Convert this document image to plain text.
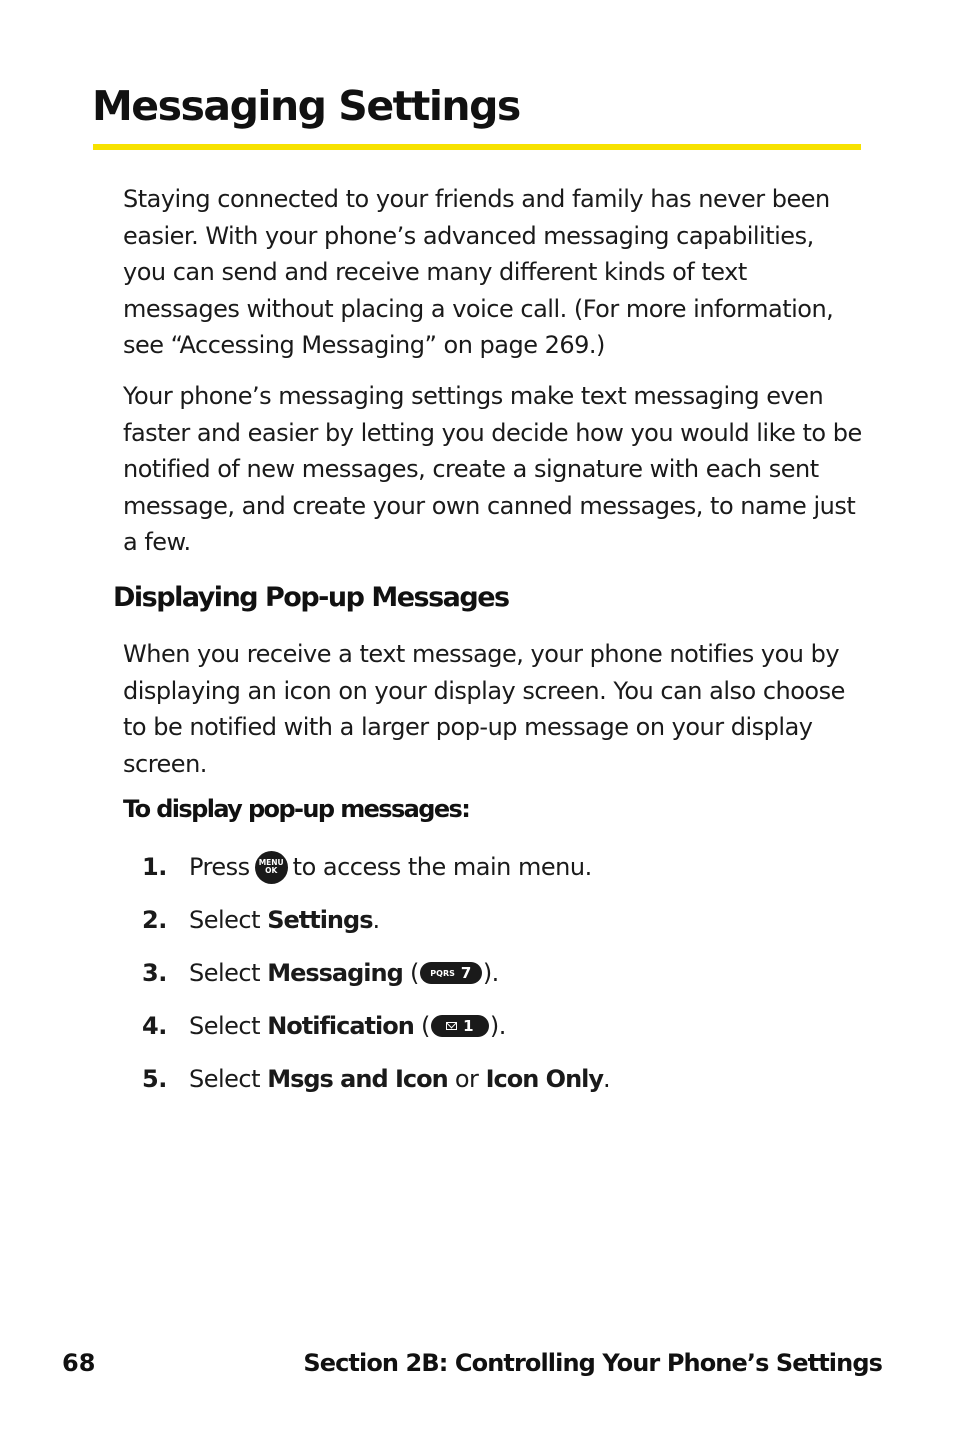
Messaging Settings

Staying connected to your friends and family has never been easier. With your phone’s advanced messaging capabilities, you can send and receive many different kinds of text messages without placing a voice call. (For more information, see “Accessing Messaging” on page 269.)

Your phone’s messaging settings make text messaging even faster and easier by letting you decide how you would like to be notified of new messages, create a signature with each sent message, and create your own canned messages, to name just a few.

Displaying Pop-up Messages

When you receive a text message, your phone notifies you by displaying an icon on your display screen. You can also choose to be notified with a larger pop-up message on your display screen.

To display pop-up messages:

1. Press MENU
OK to access the main menu.
2. Select
Settings .
3. Select
Messaging
( PQRS 7 ).
4. Select
Notification
( 1 ).
5. Select
Msgs and Icon
or
Icon Only .

68	Section 2B: Controlling Your Phone’s Settings
